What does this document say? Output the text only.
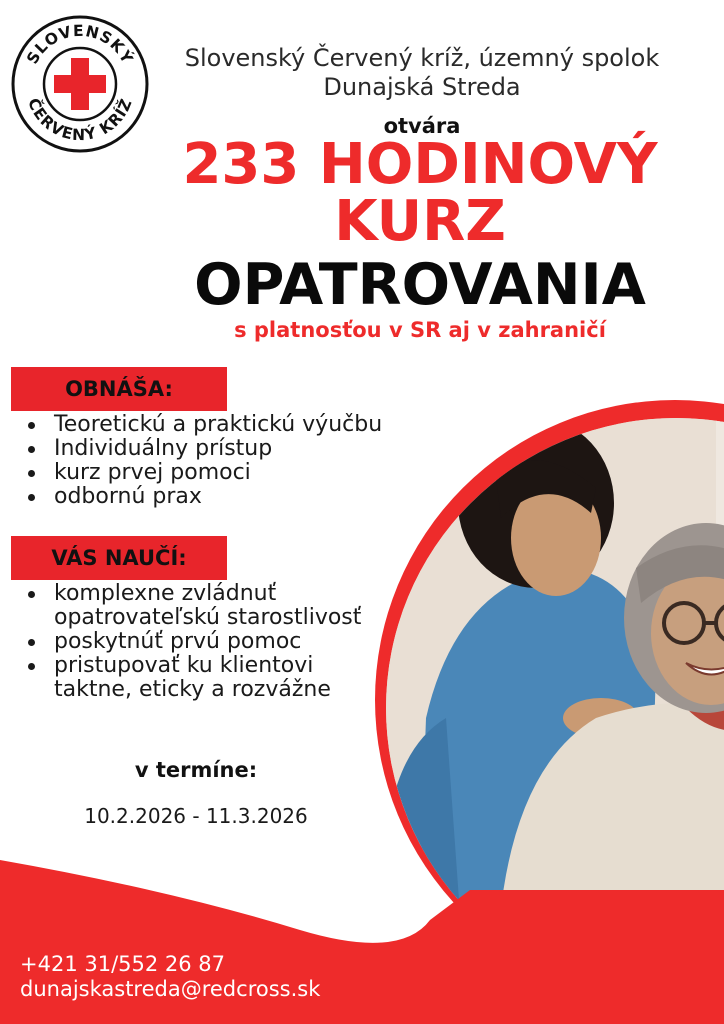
SLOVENSKÝ
ČERVENÝ KRÍŽ
Slovenský Červený kríž, územný spolok
Dunajská Streda
otvára
233 HODINOVÝ
KURZ
OPATROVANIA
s platnosťou v SR aj v zahraničí
OBNÁŠA:
Teoretickú a praktickú výučbu
Individuálny prístup
kurz prvej pomoci
odbornú prax
VÁS NAUČÍ:
komplexne zvládnuť opatrovateľskú starostlivosť
poskytnúť prvú pomoc
pristupovať ku klientovi taktne, eticky a rozvážne
v termíne:
10.2.2026 - 11.3.2026
+421 31/552 26 87
dunajskastreda@redcross.sk
